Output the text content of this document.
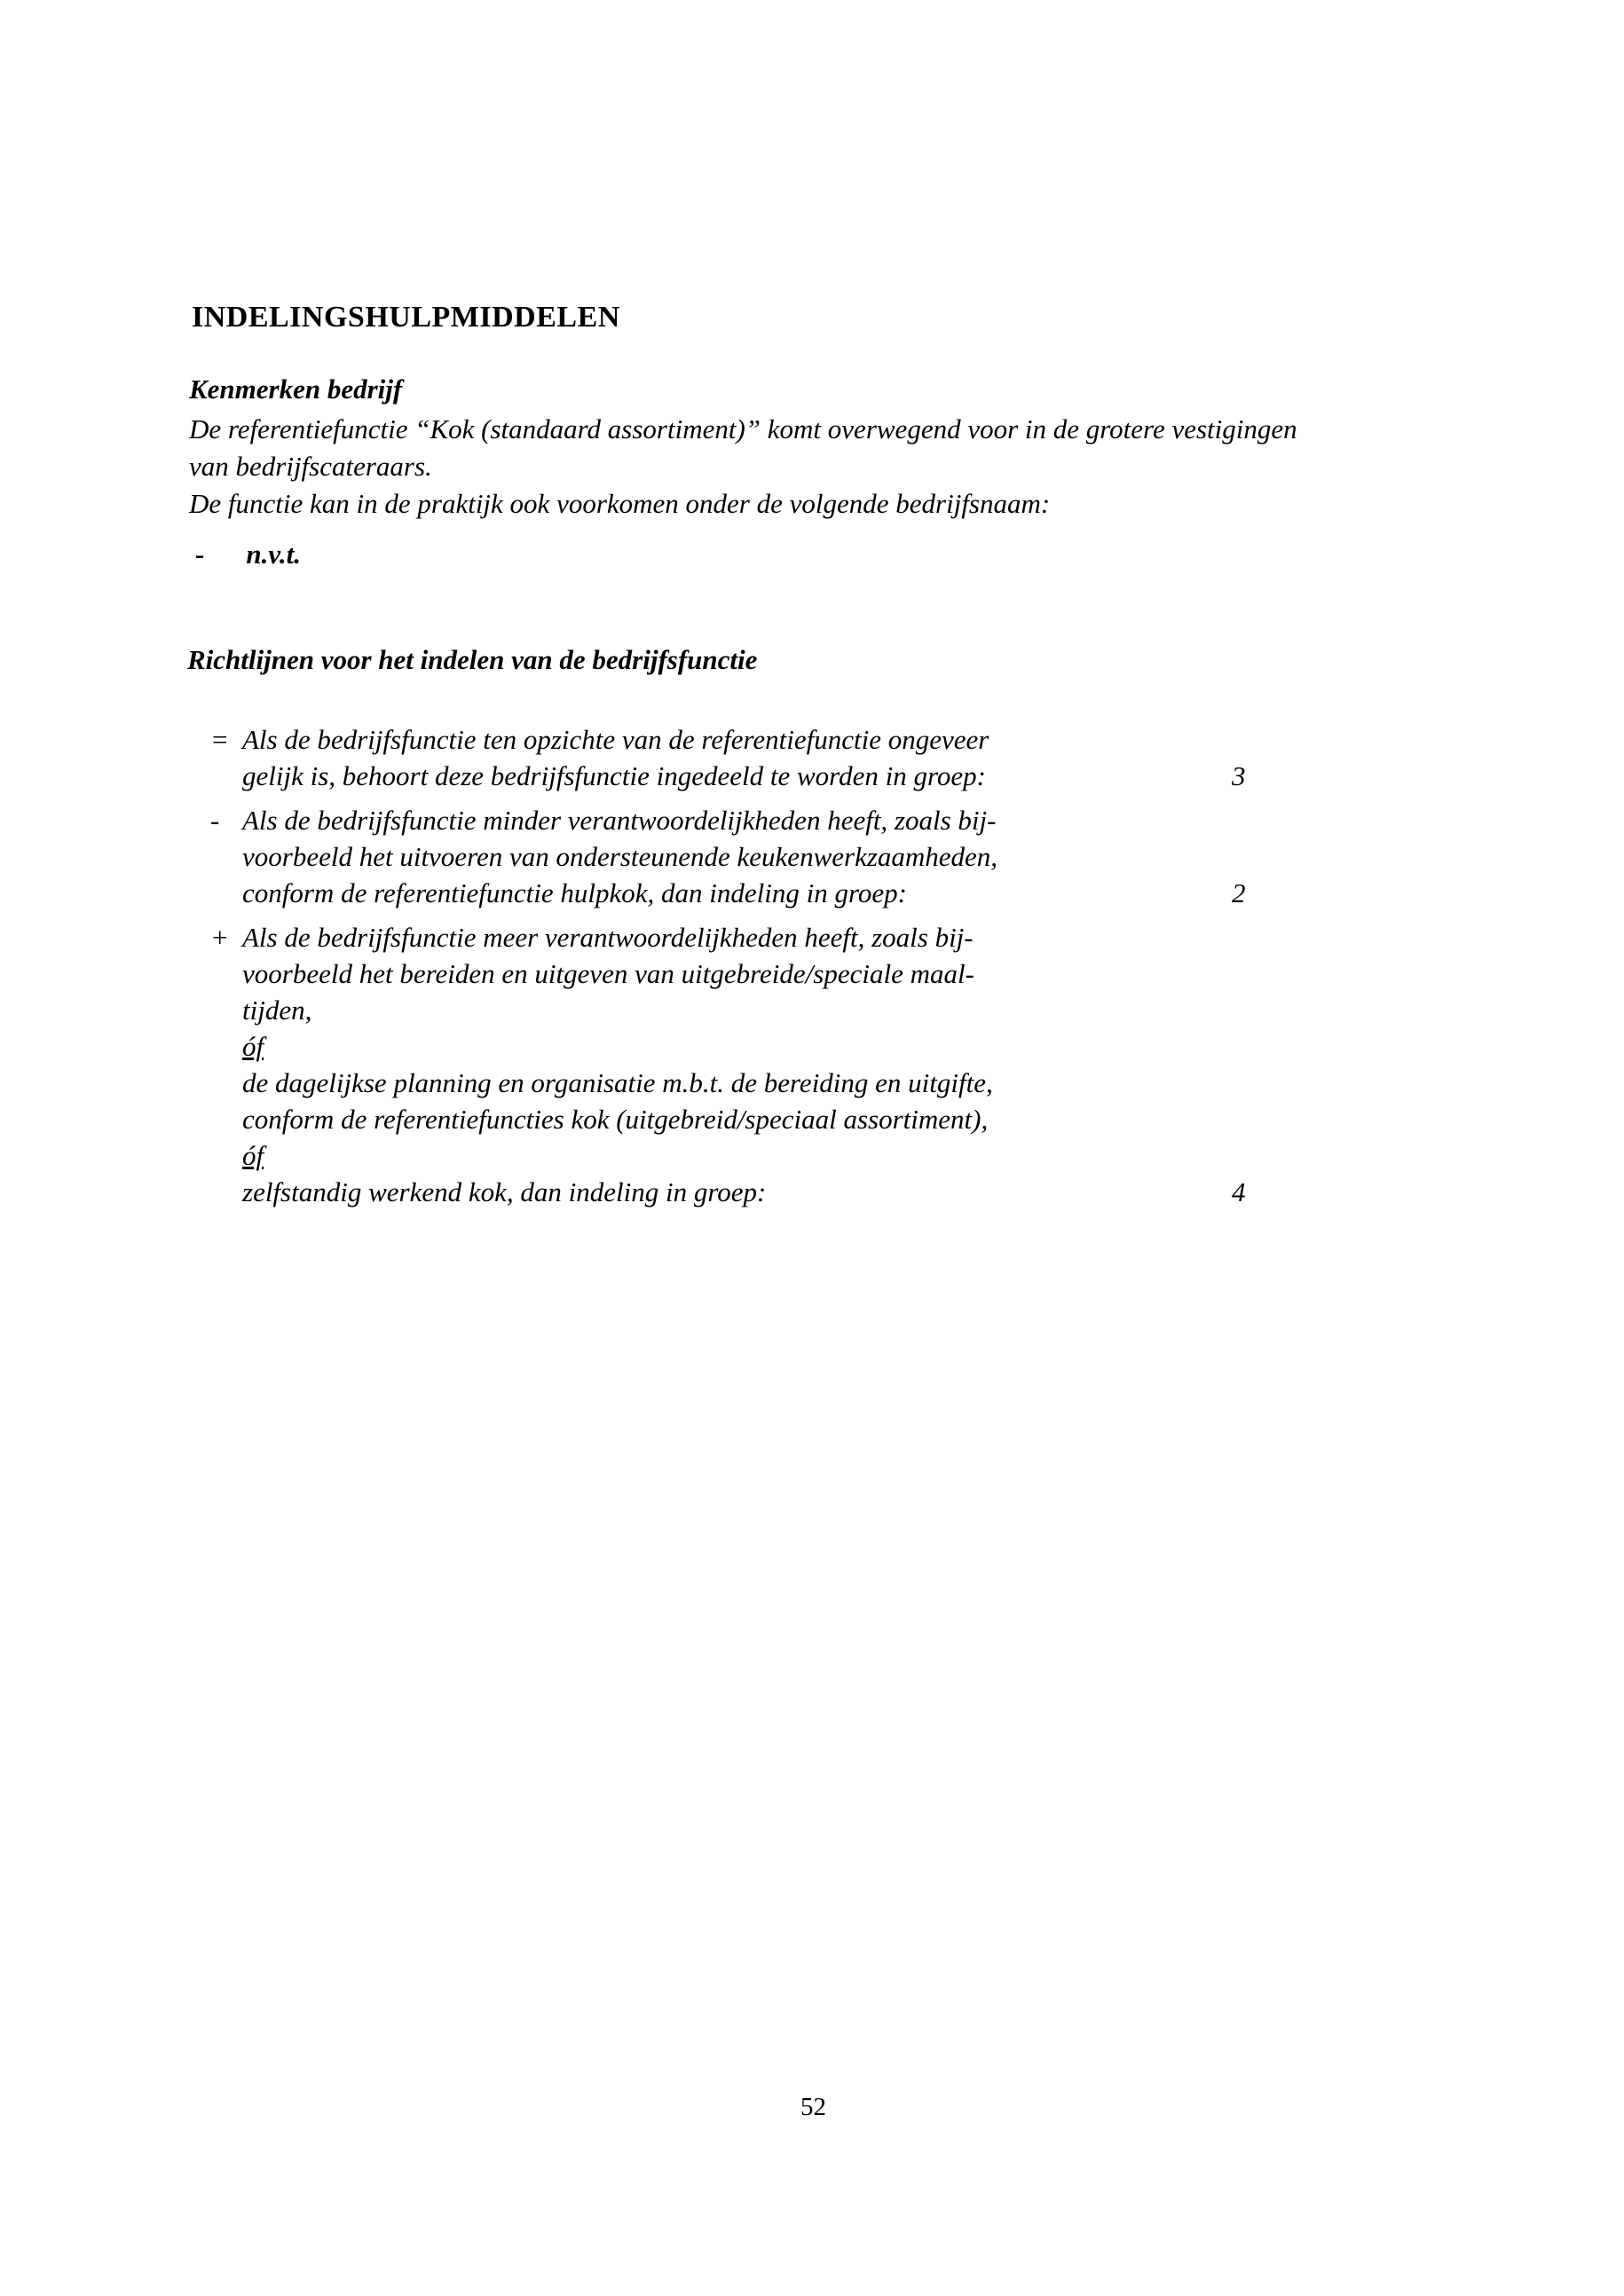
INDELINGSHULPMIDDELEN
Kenmerken bedrijf
De referentiefunctie “Kok (standaard assortiment)” komt overwegend voor in de grotere vestigingen
van bedrijfscateraars.
De functie kan in de praktijk ook voorkomen onder de volgende bedrijfsnaam:
- n.v.t.
Richtlijnen voor het indelen van de bedrijfsfunctie
= Als de bedrijfsfunctie ten opzichte van de referentiefunctie ongeveer
gelijk is, behoort deze bedrijfsfunctie ingedeeld te worden in groep:	3
- Als de bedrijfsfunctie minder verantwoordelijkheden heeft, zoals bij-
voorbeeld het uitvoeren van ondersteunende keukenwerkzaamheden,
conform de referentiefunctie hulpkok, dan indeling in groep:	2
+ Als de bedrijfsfunctie meer verantwoordelijkheden heeft, zoals bij-
voorbeeld het bereiden en uitgeven van uitgebreide/speciale maal-
tijden,
óf
de dagelijkse planning en organisatie m.b.t. de bereiding en uitgifte,
conform de referentiefuncties kok (uitgebreid/speciaal assortiment),
óf
zelfstandig werkend kok, dan indeling in groep:	4
52
